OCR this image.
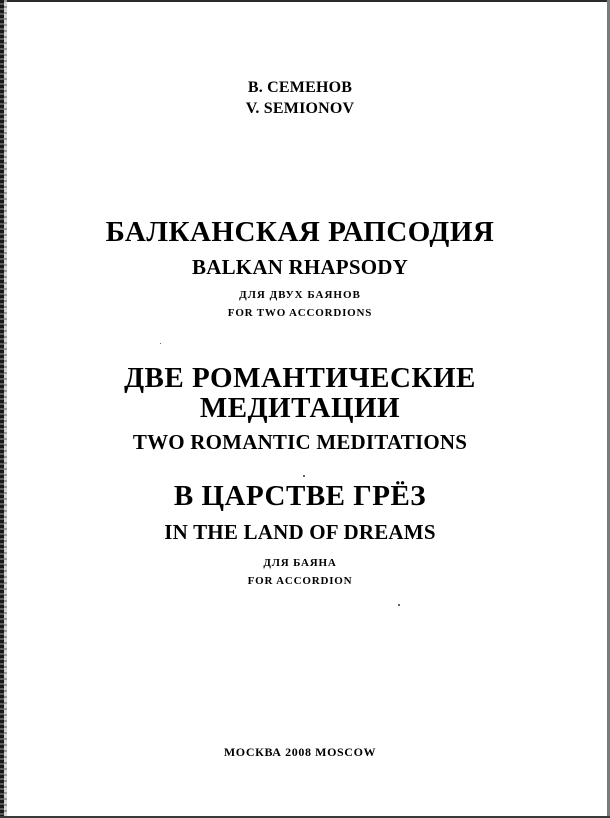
В. СЕМЕНОВ
V. SEMIONOV
БАЛКАНСКАЯ РАПСОДИЯ
BALKAN RHAPSODY
ДЛЯ ДВУХ БАЯНОВ
FOR TWO ACCORDIONS
ДВЕ РОМАНТИЧЕСКИЕ
МЕДИТАЦИИ
TWO ROMANTIC MEDITATIONS
В ЦАРСТВЕ ГРЁЗ
IN THE LAND OF DREAMS
ДЛЯ БАЯНА
FOR ACCORDION
МОСКВА 2008 MOSCOW
